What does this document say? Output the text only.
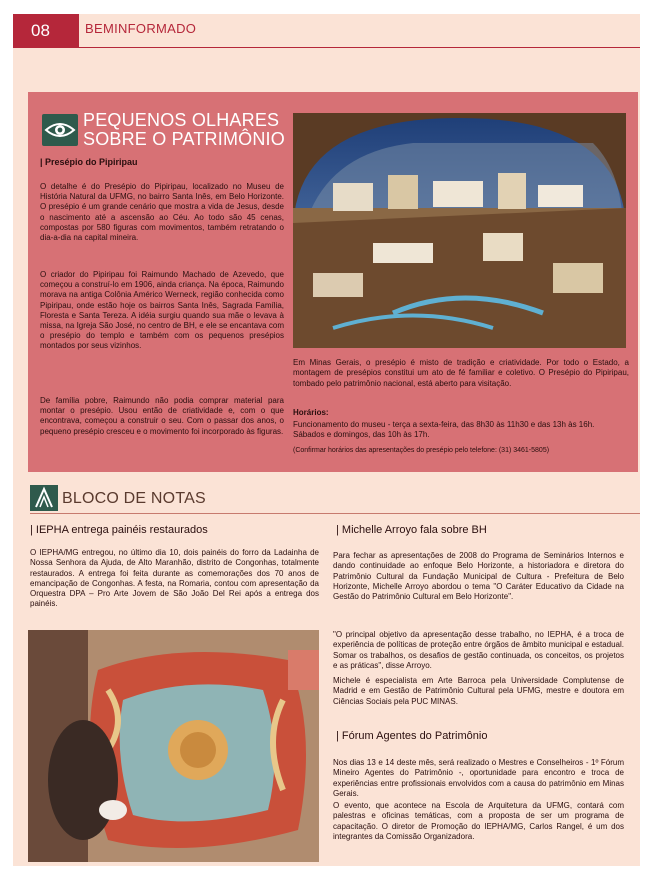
08	BEMINFORMADO
PEQUENOS OLHARES
SOBRE O PATRIMÔNIO
| Presépio do Pipiripau
O detalhe é do Presépio do Pipiripau, localizado no Museu de História Natural da UFMG, no bairro Santa Inês, em Belo Horizonte. O presépio é um grande cenário que mostra a vida de Jesus, desde o nascimento até a ascensão ao Céu. Ao todo são 45 cenas, compostas por 580 figuras com movimentos, também retratando o dia-a-dia na capital mineira.
O criador do Pipiripau foi Raimundo Machado de Azevedo, que começou a construí-lo em 1906, ainda criança. Na época, Raimundo morava na antiga Colônia Américo Werneck, região conhecida como Pipiripau, onde estão hoje os bairros Santa Inês, Sagrada Família, Floresta e Santa Tereza. A idéia surgiu quando sua mãe o levava à missa, na Igreja São José, no centro de BH, e ele se encantava com o presépio do templo e também com os pequenos presépios montados por seus vizinhos.
De família pobre, Raimundo não podia comprar material para montar o presépio. Usou então de criatividade e, com o que encontrava, começou a construir o seu. Com o passar dos anos, o pequeno presépio cresceu e o movimento foi incorporado às figuras.
Em Minas Gerais, o presépio é misto de tradição e criatividade. Por todo o Estado, a montagem de presépios constitui um ato de fé familiar e coletivo. O Presépio do Pipiripau, tombado pelo patrimônio nacional, está aberto para visitação.
Horários:
Funcionamento do museu - terça a sexta-feira, das 8h30 às 11h30 e das 13h às 16h.
Sábados e domingos, das 10h às 17h.
(Confirmar horários das apresentações do presépio pelo telefone: (31) 3461-5805)
BLOCO DE NOTAS
| IEPHA entrega painéis restaurados
O IEPHA/MG entregou, no último dia 10, dois painéis do forro da Ladainha de Nossa Senhora da Ajuda, de Alto Maranhão, distrito de Congonhas, totalmente restaurados. A entrega foi feita durante as comemorações dos 70 anos de emancipação de Congonhas. A festa, na Romaria, contou com apresentação da Orquestra DPA – Pro Arte Jovem de São João Del Rei após a entrega dos painéis.
| Michelle Arroyo fala sobre BH
Para fechar as apresentações de 2008 do Programa de Seminários Internos e dando continuidade ao enfoque Belo Horizonte, a historiadora e diretora do Patrimônio Cultural da Fundação Municipal de Cultura - Prefeitura de Belo Horizonte, Michelle Arroyo abordou o tema "O Caráter Educativo da Cidade na Gestão do Patrimônio Cultural em Belo Horizonte".
"O principal objetivo da apresentação desse trabalho, no IEPHA, é a troca de experiência de políticas de proteção entre órgãos de âmbito municipal e estadual. Somar os trabalhos, os desafios de gestão continuada, os conceitos, os projetos e as práticas", disse Arroyo.
Michele é especialista em Arte Barroca pela Universidade Complutense de Madrid e em Gestão de Patrimônio Cultural pela UFMG, mestre e doutora em Ciências Sociais pela PUC MINAS.
| Fórum Agentes do Patrimônio
Nos dias 13 e 14 deste mês, será realizado o Mestres e Conselheiros - 1º Fórum Mineiro Agentes do Patrimônio -, oportunidade para encontro e troca de experiências entre profissionais envolvidos com a causa do patrimônio em Minas Gerais.
O evento, que acontece na Escola de Arquitetura da UFMG, contará com palestras e oficinas temáticas, com a proposta de ser um programa de capacitação. O diretor de Promoção do IEPHA/MG, Carlos Rangel, é um dos integrantes da Comissão Organizadora.
